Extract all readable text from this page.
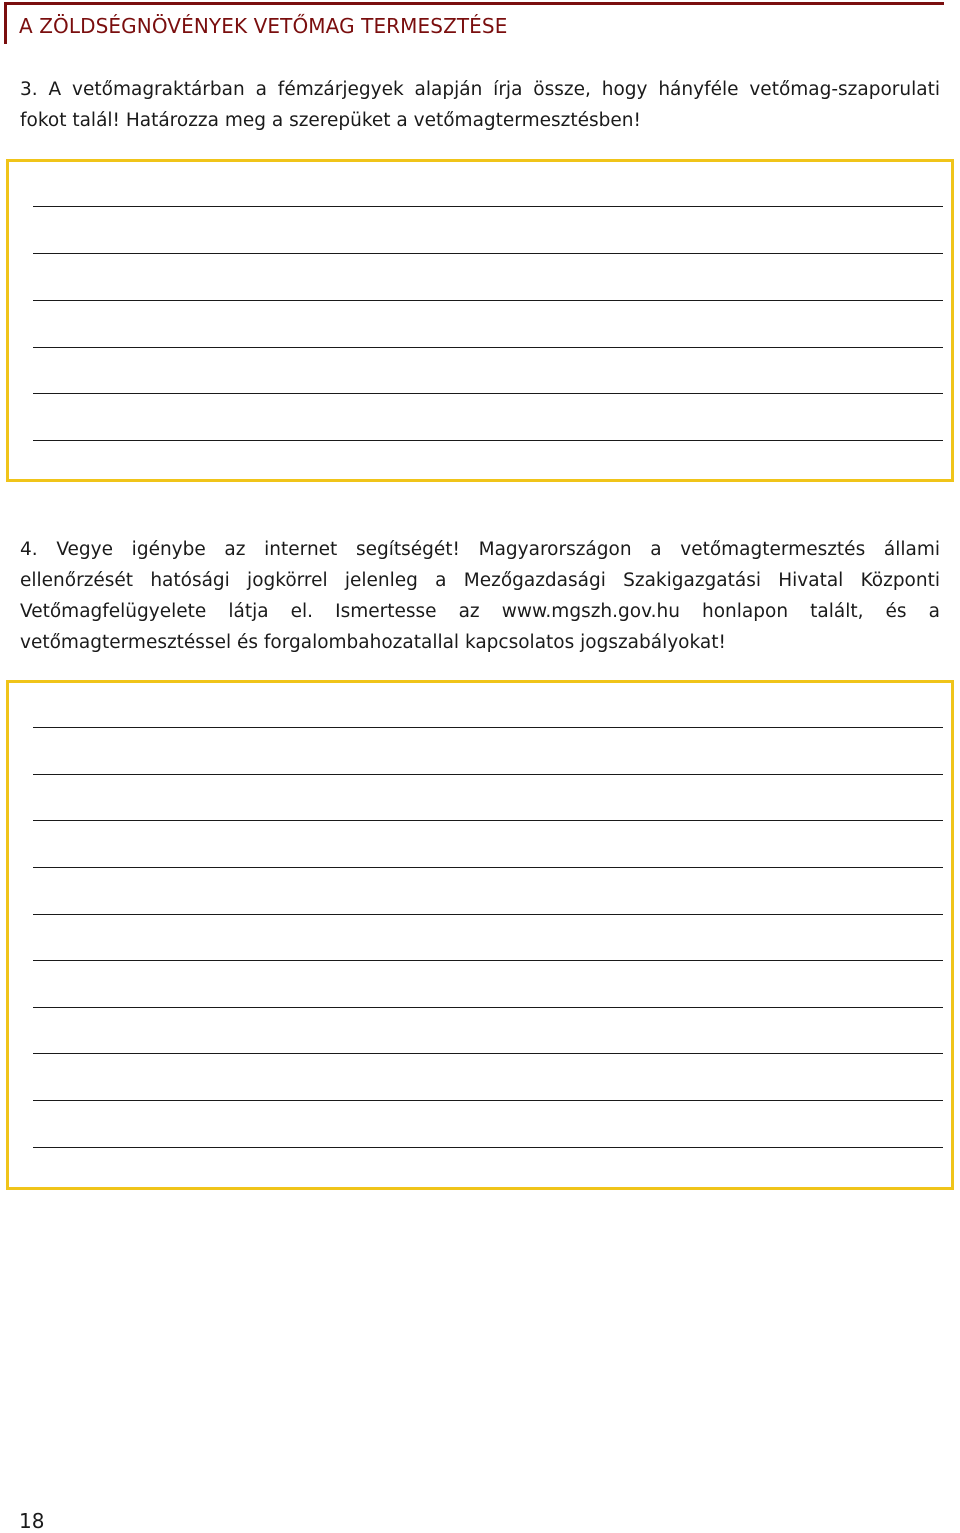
A ZÖLDSÉGNÖVÉNYEK VETŐMAG TERMESZTÉSE
3. A vetőmagraktárban a fémzárjegyek alapján írja össze, hogy hányféle vetőmag-szaporulati fokot talál! Határozza meg a szerepüket a vetőmagtermesztésben!
4. Vegye igénybe az internet segítségét! Magyarországon a vetőmagtermesztés állami ellenőrzését hatósági jogkörrel jelenleg a Mezőgazdasági Szakigazgatási Hivatal Központi Vetőmagfelügyelete látja el. Ismertesse az www.mgszh.gov.hu honlapon talált, és a vetőmagtermesztéssel és forgalombahozatallal kapcsolatos jogszabályokat!
18
